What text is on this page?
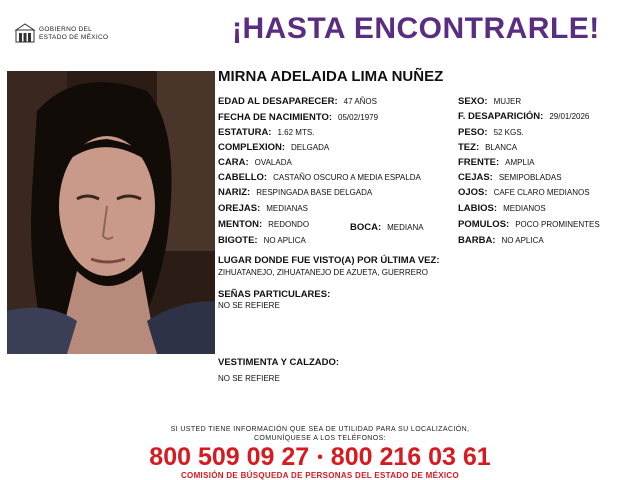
GOBIERNO DEL
ESTADO DE MÉXICO	¡HASTA ENCONTRARLE!
MIRNA ADELAIDA LIMA NUÑEZ
EDAD AL DESAPARECER: 47 AÑOS
FECHA DE NACIMIENTO: 05/02/1979
ESTATURA: 1.62 MTS.
COMPLEXION: DELGADA
CARA: OVALADA
CABELLO: CASTAÑO OSCURO A MEDIA ESPALDA
NARIZ: RESPINGADA BASE DELGADA
OREJAS: MEDIANAS
MENTON: REDONDO	BOCA: MEDIANA
BIGOTE: NO APLICA
SEXO: MUJER
F. DESAPARICIÓN: 29/01/2026
PESO: 52 KGS.
TEZ: BLANCA
FRENTE: AMPLIA
CEJAS: SEMIPOBLADAS
OJOS: CAFE CLARO MEDIANOS
LABIOS: MEDIANOS
POMULOS: POCO PROMINENTES
BARBA: NO APLICA
LUGAR DONDE FUE VISTO(A) POR ÚLTIMA VEZ:
ZIHUATANEJO, ZIHUATANEJO DE AZUETA, GUERRERO
SEÑAS PARTICULARES:
NO SE REFIERE
VESTIMENTA Y CALZADO:
NO SE REFIERE
SI USTED TIENE INFORMACIÓN QUE SEA DE UTILIDAD PARA SU LOCALIZACIÓN,
COMUNÍQUESE A LOS TELÉFONOS:
800 509 09 27 • 800 216 03 61
COMISIÓN DE BÚSQUEDA DE PERSONAS DEL ESTADO DE MÉXICO
